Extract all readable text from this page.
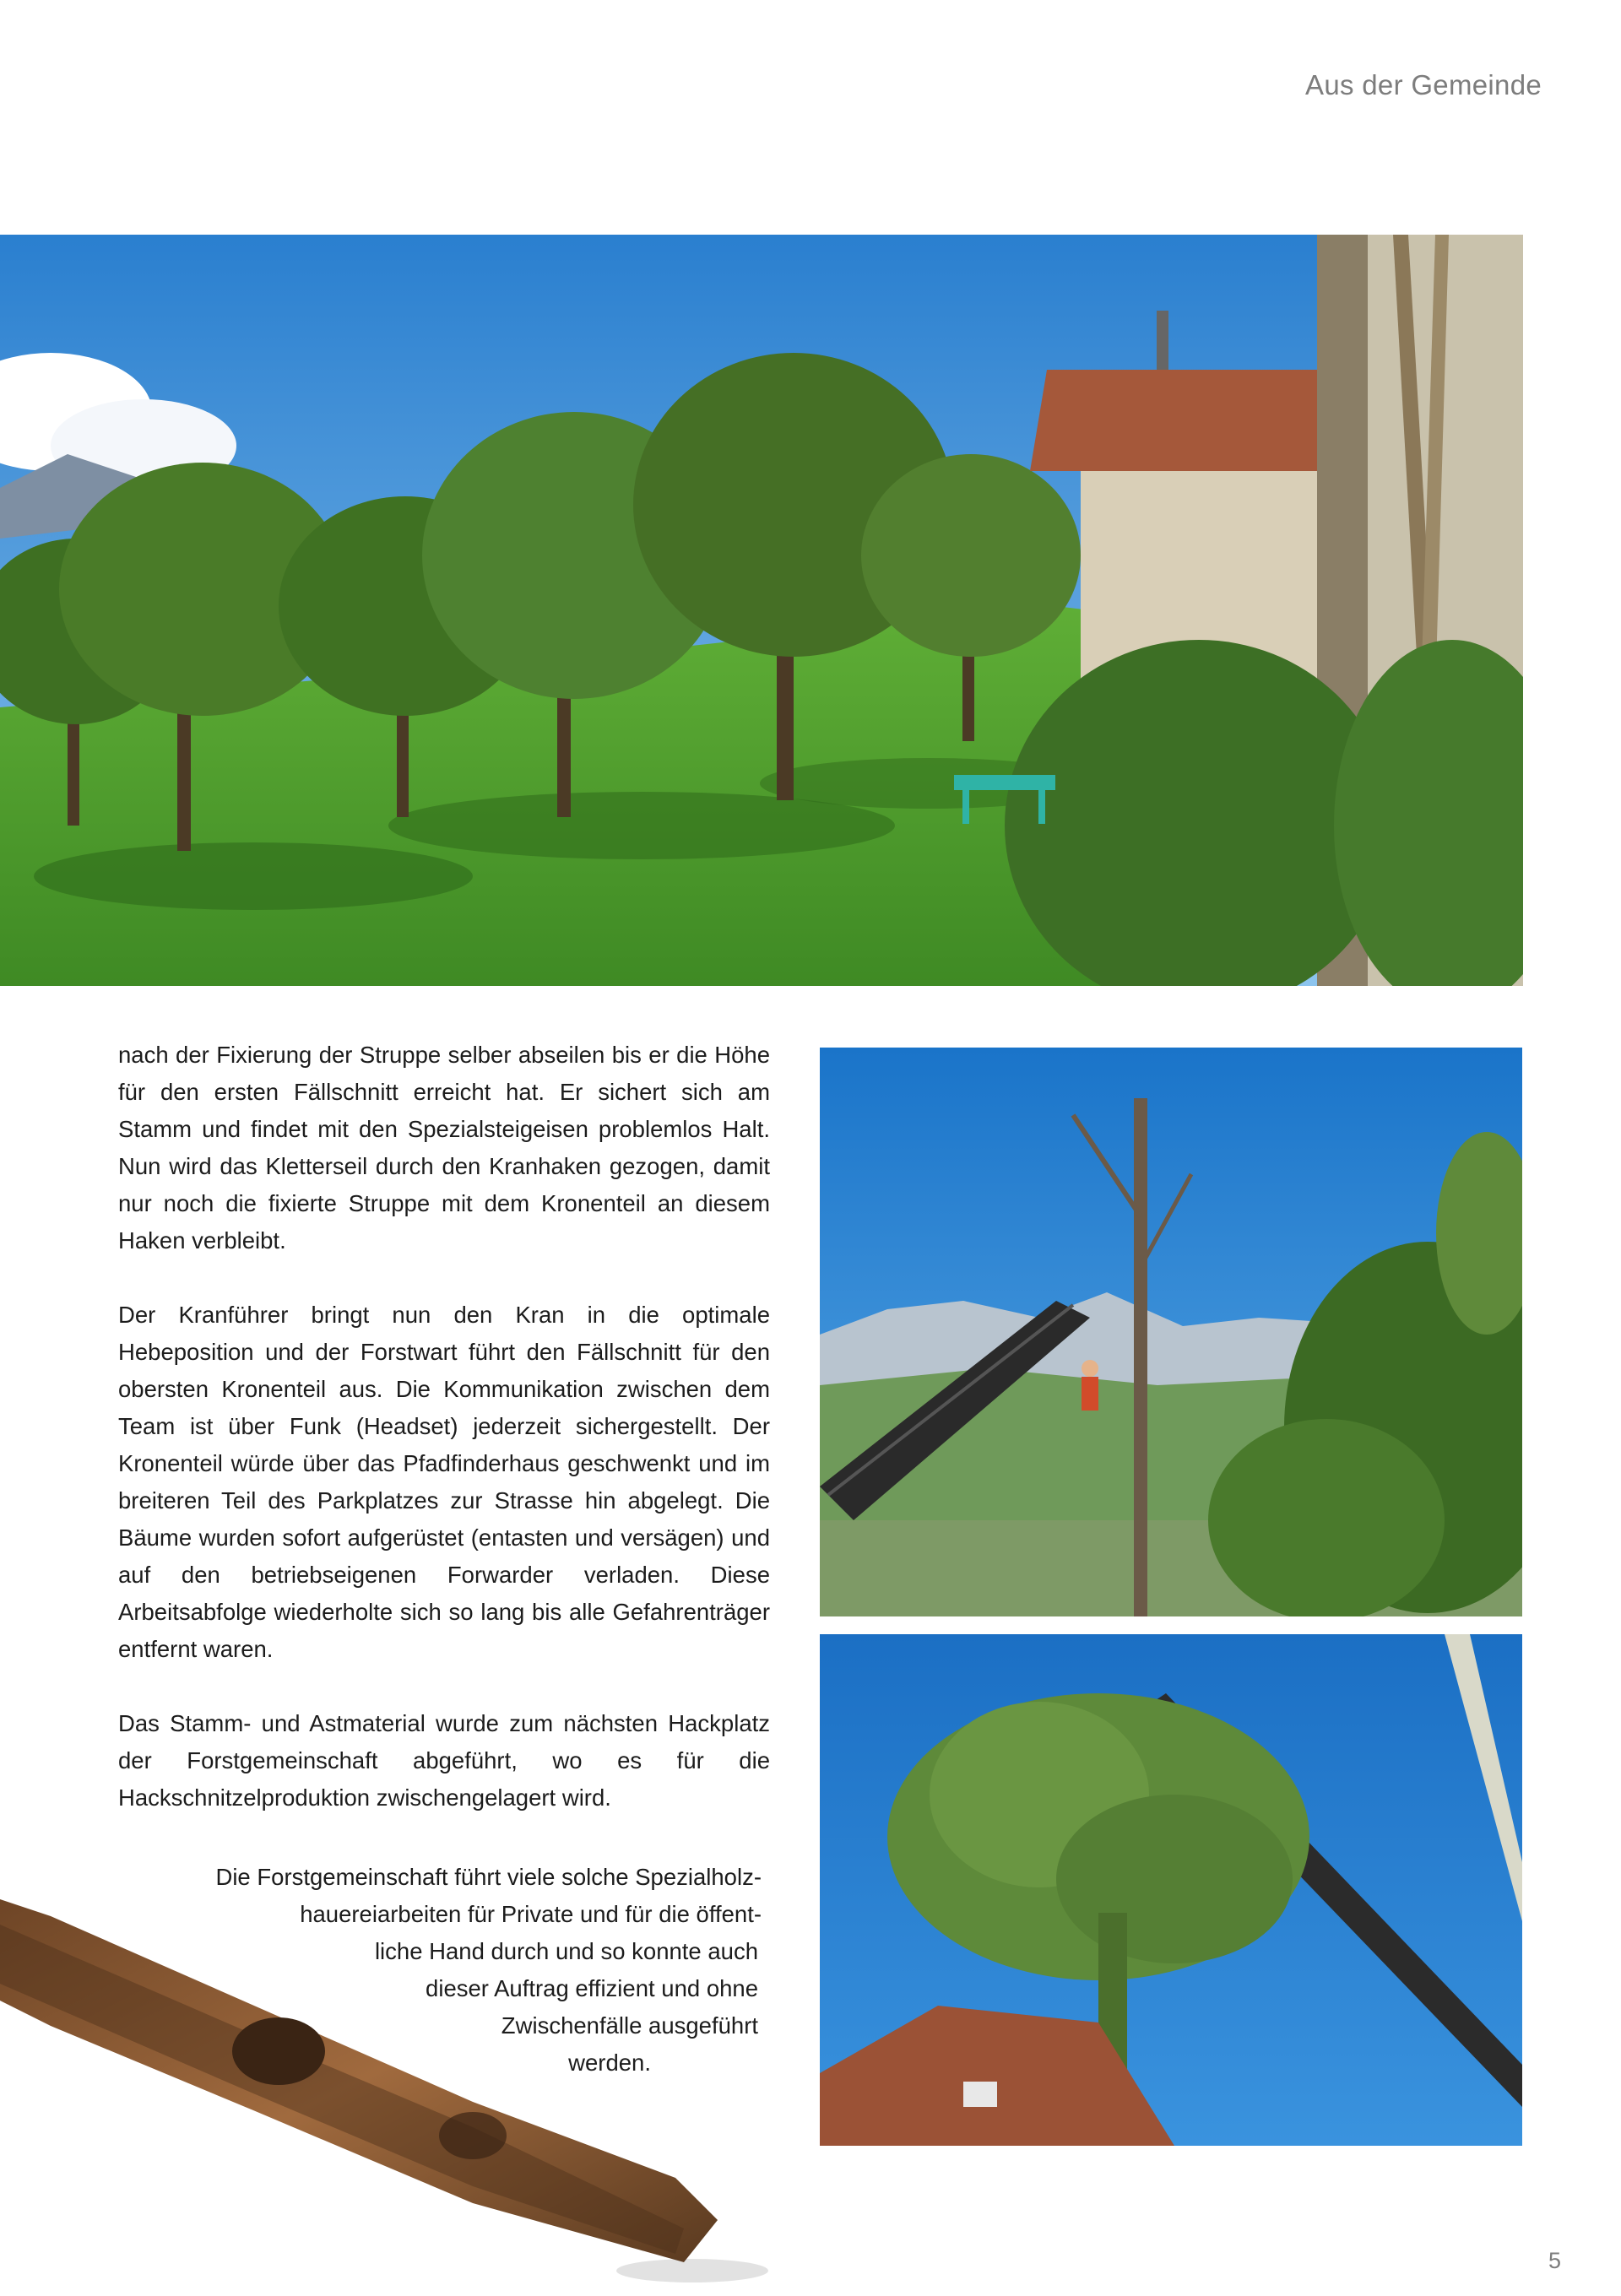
Aus der Gemeinde

nach der Fixierung der Struppe selber abseilen bis er die Höhe für den ersten Fällschnitt erreicht hat. Er sichert sich am Stamm und findet mit den Spezialsteigeisen problemlos Halt. Nun wird das Kletterseil durch den Kranhaken gezogen, damit nur noch die fixierte Struppe mit dem Kronenteil an diesem Haken verbleibt.

Der Kranführer bringt nun den Kran in die optimale Hebeposition und der Forstwart führt den Fällschnitt für den obersten Kronenteil aus. Die Kommunikation zwischen dem Team ist über Funk (Headset) jederzeit sichergestellt. Der Kronenteil würde über das Pfadfinderhaus geschwenkt und im breiteren Teil des Parkplatzes zur Strasse hin abgelegt. Die Bäume wurden sofort aufgerüstet (entasten und versägen) und auf den betriebseigenen Forwarder verladen. Diese Arbeitsabfolge wiederholte sich so lang bis alle Gefahrenträger entfernt waren.

Das Stamm- und Astmaterial wurde zum nächsten Hackplatz der Forstgemeinschaft abgeführt, wo es für die Hackschnitzelproduktion zwischengelagert wird.

Die Forstgemeinschaft führt viele solche Spezialholz-
hauereiarbeiten für Private und für die öffent-
liche Hand durch und so konnte auch
dieser Auftrag effizient und ohne
Zwischenfälle ausgeführt
werden.
5
